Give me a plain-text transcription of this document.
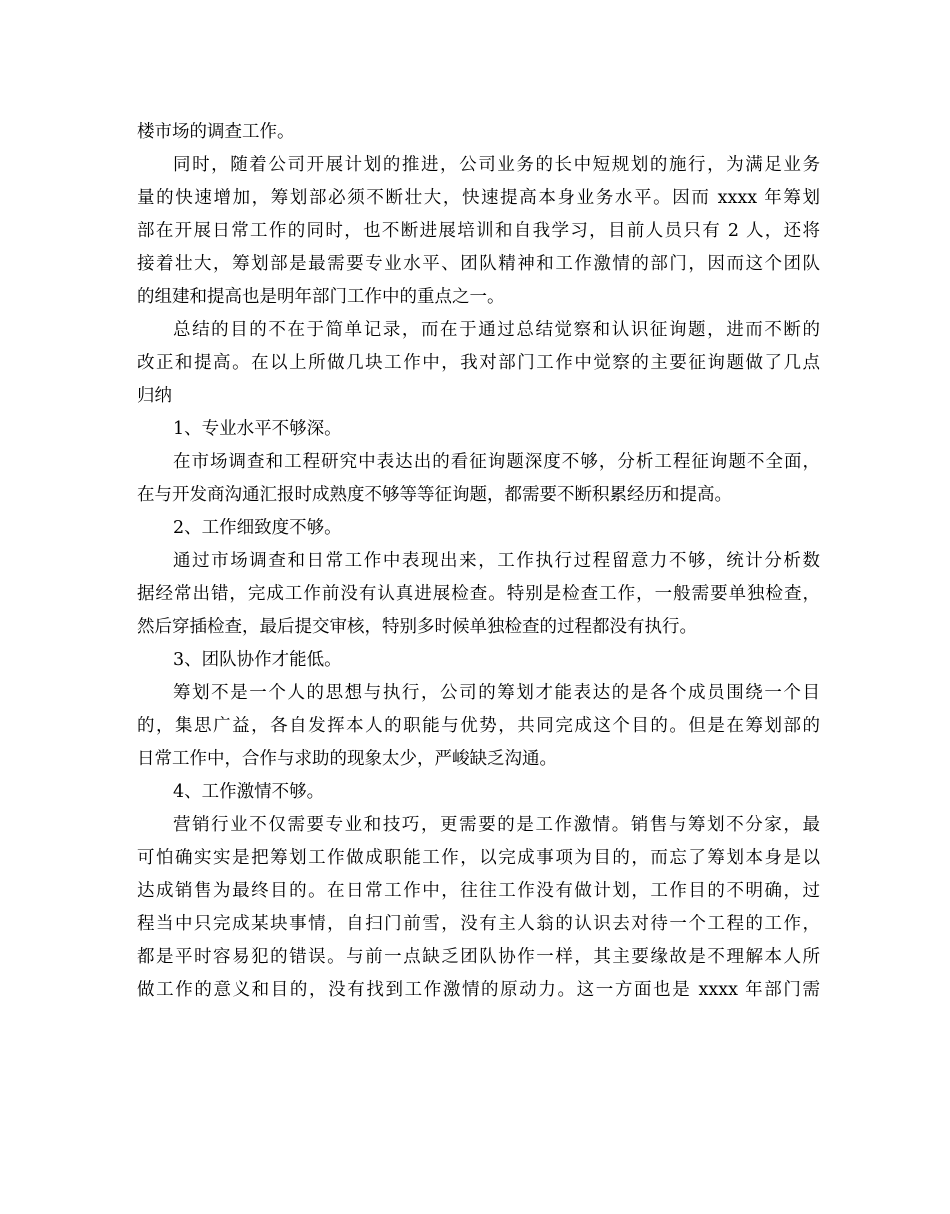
楼市场的调查工作。
同时，随着公司开展计划的推进，公司业务的长中短规划的施行，为满足业务
量的快速增加，筹划部必须不断壮大，快速提高本身业务水平。因而 xxxx 年筹划
部在开展日常工作的同时，也不断进展培训和自我学习，目前人员只有 2 人，还将
接着壮大，筹划部是最需要专业水平、团队精神和工作激情的部门，因而这个团队
的组建和提高也是明年部门工作中的重点之一。
总结的目的不在于简单记录，而在于通过总结觉察和认识征询题，进而不断的
改正和提高。在以上所做几块工作中，我对部门工作中觉察的主要征询题做了几点
归纳
1、专业水平不够深。
在市场调查和工程研究中表达出的看征询题深度不够，分析工程征询题不全面，
在与开发商沟通汇报时成熟度不够等等征询题，都需要不断积累经历和提高。
2、工作细致度不够。
通过市场调查和日常工作中表现出来，工作执行过程留意力不够，统计分析数
据经常出错，完成工作前没有认真进展检查。特别是检查工作，一般需要单独检查，
然后穿插检查，最后提交审核，特别多时候单独检查的过程都没有执行。
3、团队协作才能低。
筹划不是一个人的思想与执行，公司的筹划才能表达的是各个成员围绕一个目
的，集思广益，各自发挥本人的职能与优势，共同完成这个目的。但是在筹划部的
日常工作中，合作与求助的现象太少，严峻缺乏沟通。
4、工作激情不够。
营销行业不仅需要专业和技巧，更需要的是工作激情。销售与筹划不分家，最
可怕确实实是把筹划工作做成职能工作，以完成事项为目的，而忘了筹划本身是以
达成销售为最终目的。在日常工作中，往往工作没有做计划，工作目的不明确，过
程当中只完成某块事情，自扫门前雪，没有主人翁的认识去对待一个工程的工作，
都是平时容易犯的错误。与前一点缺乏团队协作一样，其主要缘故是不理解本人所
做工作的意义和目的，没有找到工作激情的原动力。这一方面也是 xxxx 年部门需
